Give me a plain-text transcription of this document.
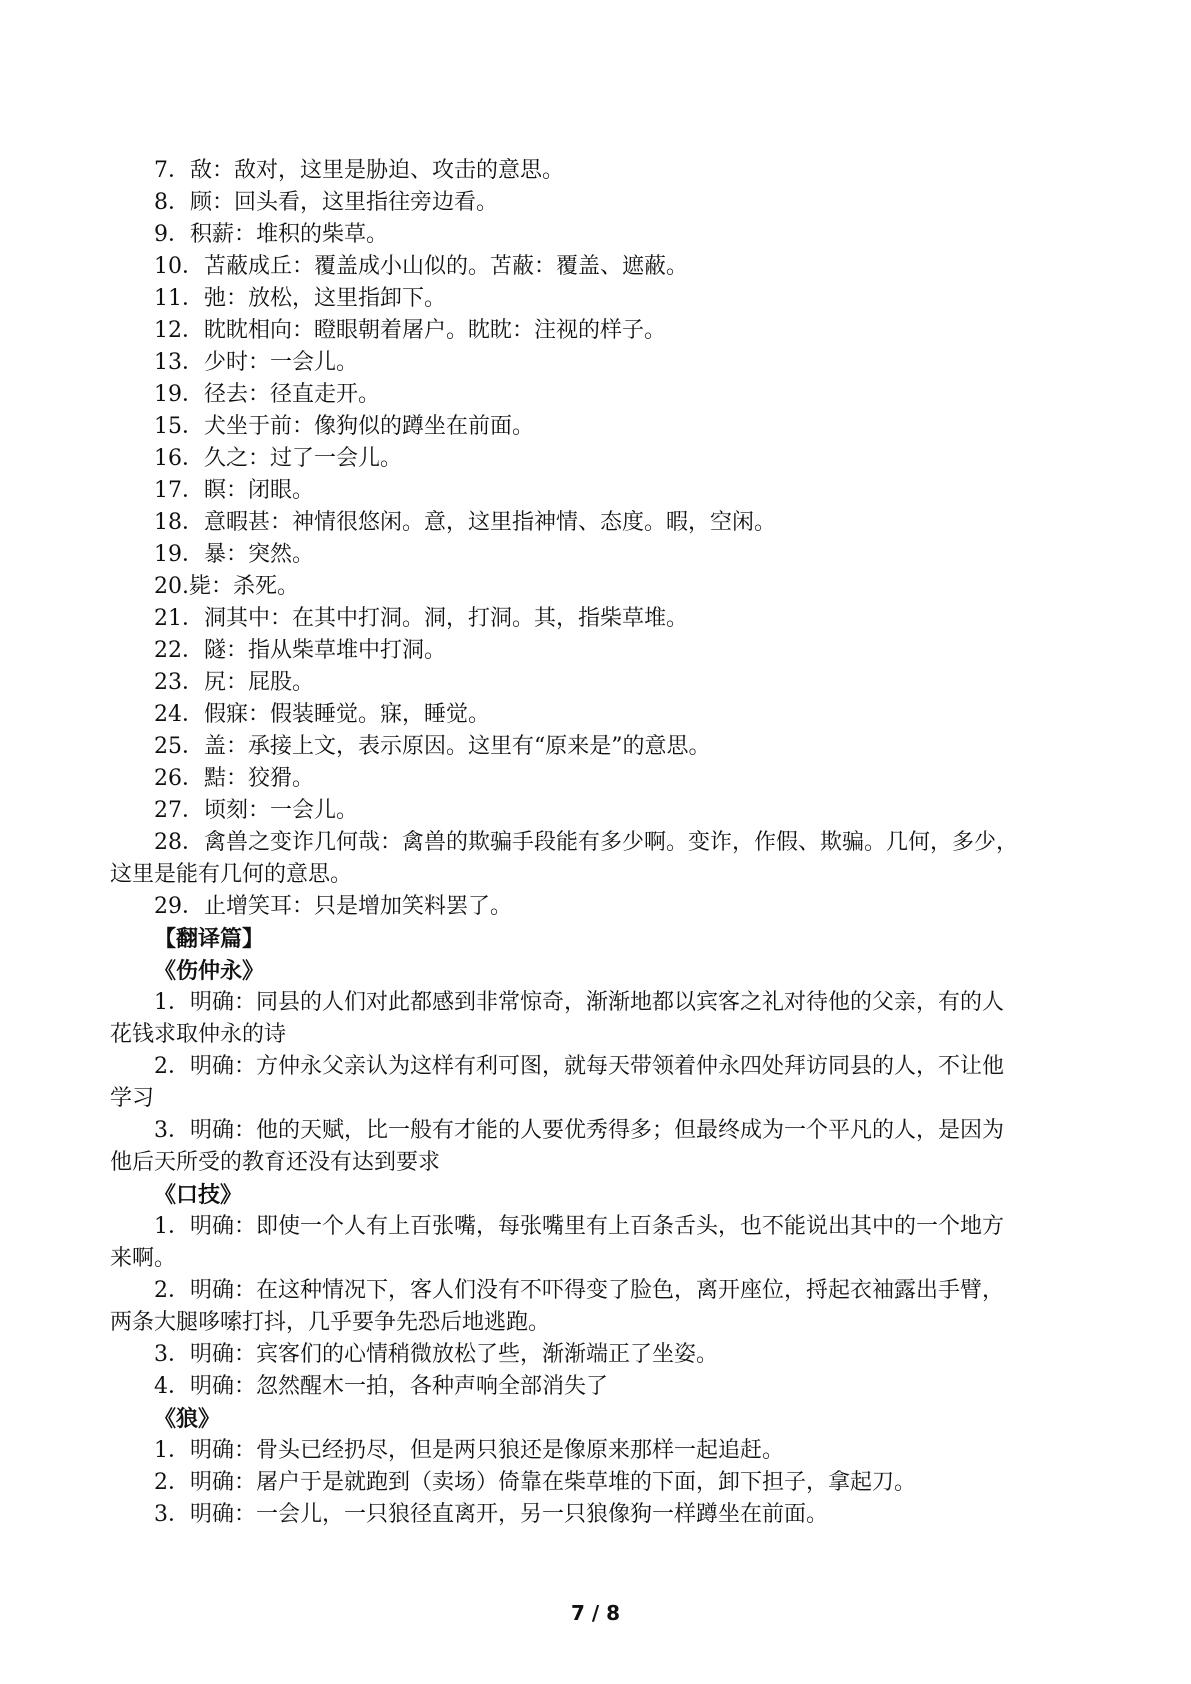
7．敌：敌对，这里是胁迫、攻击的意思。

8．顾：回头看，这里指往旁边看。

9．积薪：堆积的柴草。

10．苫蔽成丘：覆盖成小山似的。苫蔽：覆盖、遮蔽。

11．弛：放松，这里指卸下。

12．眈眈相向：瞪眼朝着屠户。眈眈：注视的样子。

13．少时：一会儿。

19．径去：径直走开。

15．犬坐于前：像狗似的蹲坐在前面。

16．久之：过了一会儿。

17．瞑：闭眼。

18．意暇甚：神情很悠闲。意，这里指神情、态度。暇，空闲。

19．暴：突然。

20.毙：杀死。

21．洞其中：在其中打洞。洞，打洞。其，指柴草堆。

22．隧：指从柴草堆中打洞。

23．尻：屁股。

24．假寐：假装睡觉。寐，睡觉。

25．盖：承接上文，表示原因。这里有“原来是”的意思。

26．黠：狡猾。

27．顷刻：一会儿。

28．禽兽之变诈几何哉：禽兽的欺骗手段能有多少啊。变诈，作假、欺骗。几何，多少，

这里是能有几何的意思。

29．止增笑耳：只是增加笑料罢了。

【翻译篇】

《伤仲永》

1．明确：同县的人们对此都感到非常惊奇，渐渐地都以宾客之礼对待他的父亲，有的人

花钱求取仲永的诗

2．明确：方仲永父亲认为这样有利可图，就每天带领着仲永四处拜访同县的人，不让他

学习

3．明确：他的天赋，比一般有才能的人要优秀得多；但最终成为一个平凡的人，是因为

他后天所受的教育还没有达到要求

《口技》

1．明确：即使一个人有上百张嘴，每张嘴里有上百条舌头，也不能说出其中的一个地方

来啊。

2．明确：在这种情况下，客人们没有不吓得变了脸色，离开座位，捋起衣袖露出手臂，

两条大腿哆嗦打抖，几乎要争先恐后地逃跑。

3．明确：宾客们的心情稍微放松了些，渐渐端正了坐姿。

4．明确：忽然醒木一拍，各种声响全部消失了

《狼》

1．明确：骨头已经扔尽，但是两只狼还是像原来那样一起追赶。

2．明确：屠户于是就跑到（卖场）倚靠在柴草堆的下面，卸下担子，拿起刀。

3．明确：一会儿，一只狼径直离开，另一只狼像狗一样蹲坐在前面。

7 / 8
